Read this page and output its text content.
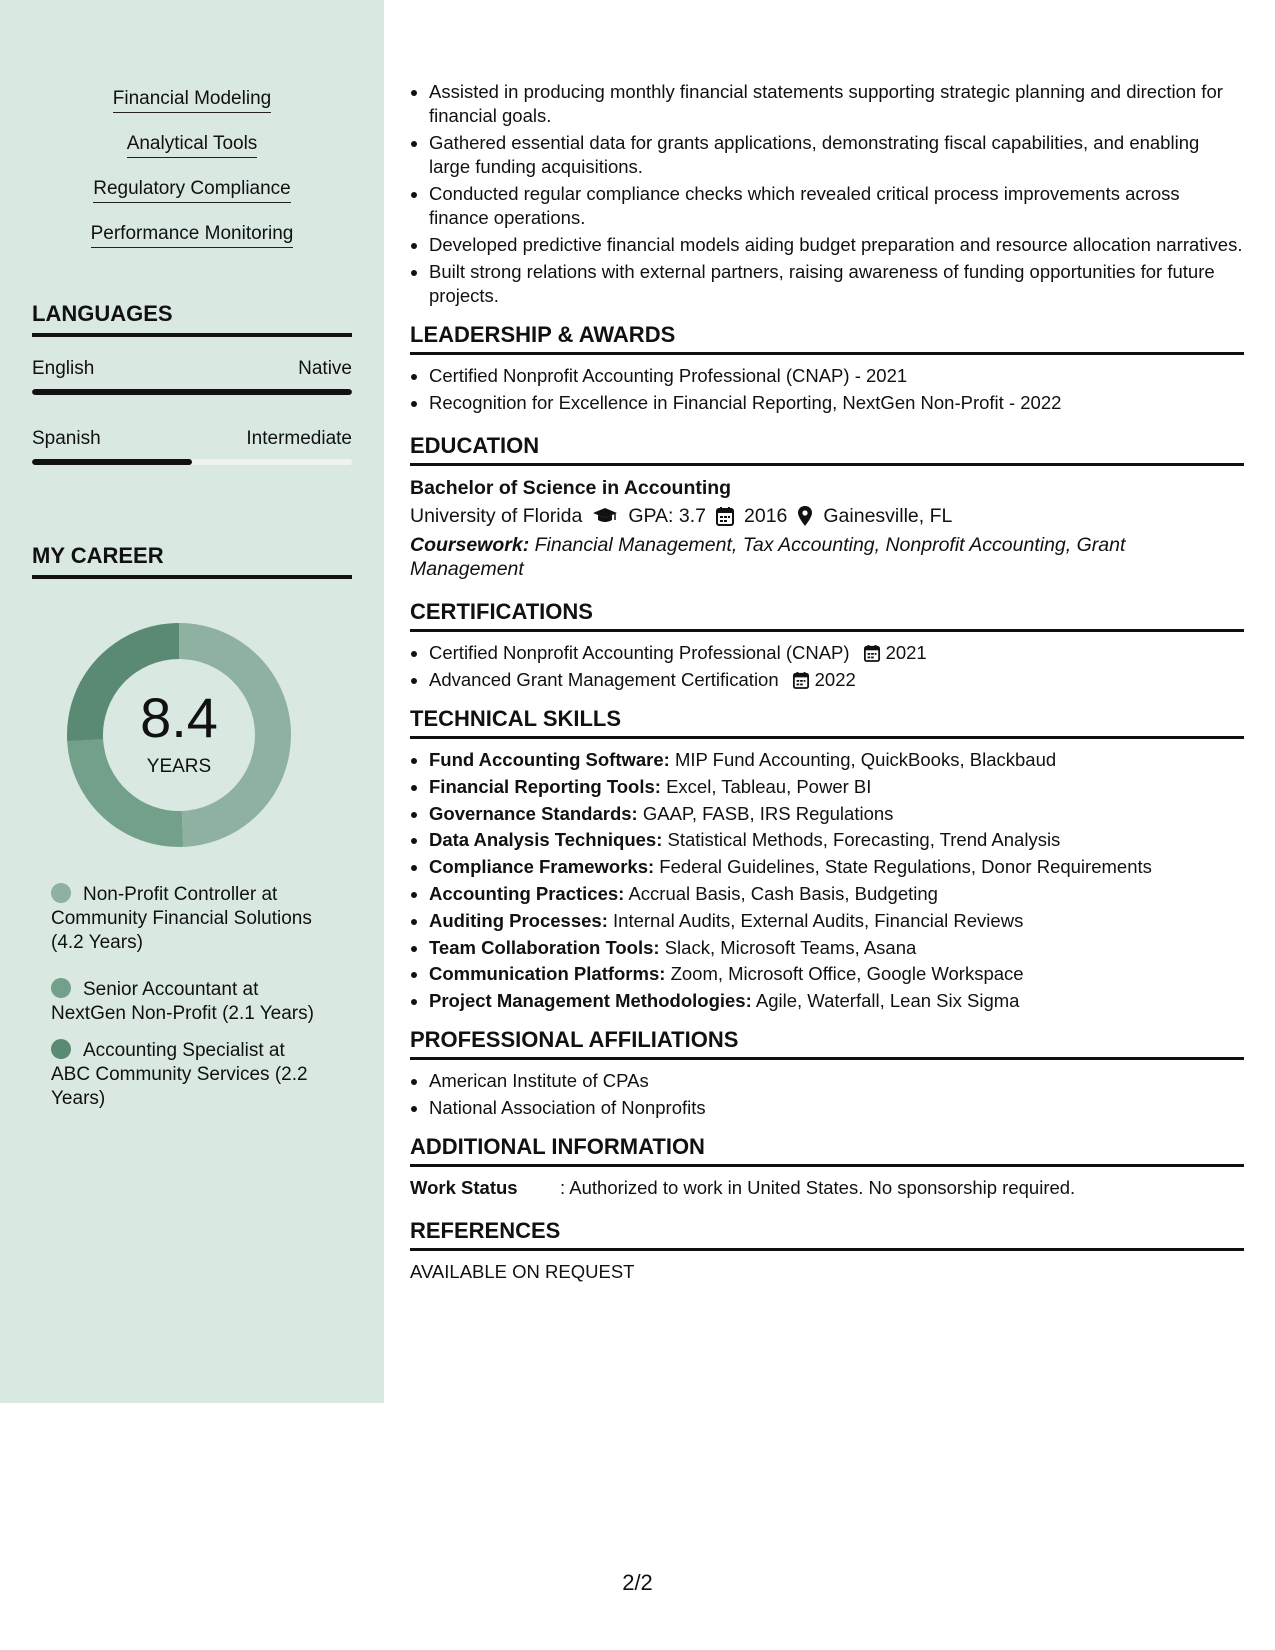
Financial Modeling
Analytical Tools
Regulatory Compliance
Performance Monitoring
LANGUAGES
English	Native
Spanish	Intermediate
MY CAREER
8.4
YEARS
Non-Profit Controller at Community Financial Solutions (4.2 Years)
Senior Accountant at NextGen Non-Profit (2.1 Years)
Accounting Specialist at ABC Community Services (2.2 Years)
• Assisted in producing monthly financial statements supporting strategic planning and direction for financial goals.
• Gathered essential data for grants applications, demonstrating fiscal capabilities, and enabling large funding acquisitions.
• Conducted regular compliance checks which revealed critical process improvements across finance operations.
• Developed predictive financial models aiding budget preparation and resource allocation narratives.
• Built strong relations with external partners, raising awareness of funding opportunities for future projects.
LEADERSHIP & AWARDS
• Certified Nonprofit Accounting Professional (CNAP) - 2021
• Recognition for Excellence in Financial Reporting, NextGen Non-Profit - 2022
EDUCATION
Bachelor of Science in Accounting
University of Florida GPA: 3.7 2016 Gainesville, FL
Coursework: Financial Management, Tax Accounting, Nonprofit Accounting, Grant Management
CERTIFICATIONS
• Certified Nonprofit Accounting Professional (CNAP) 2021
• Advanced Grant Management Certification 2022
TECHNICAL SKILLS
• Fund Accounting Software: MIP Fund Accounting, QuickBooks, Blackbaud
• Financial Reporting Tools: Excel, Tableau, Power BI
• Governance Standards: GAAP, FASB, IRS Regulations
• Data Analysis Techniques: Statistical Methods, Forecasting, Trend Analysis
• Compliance Frameworks: Federal Guidelines, State Regulations, Donor Requirements
• Accounting Practices: Accrual Basis, Cash Basis, Budgeting
• Auditing Processes: Internal Audits, External Audits, Financial Reviews
• Team Collaboration Tools: Slack, Microsoft Teams, Asana
• Communication Platforms: Zoom, Microsoft Office, Google Workspace
• Project Management Methodologies: Agile, Waterfall, Lean Six Sigma
PROFESSIONAL AFFILIATIONS
• American Institute of CPAs
• National Association of Nonprofits
ADDITIONAL INFORMATION
Work Status	: Authorized to work in United States. No sponsorship required.
REFERENCES
AVAILABLE ON REQUEST
2/2
